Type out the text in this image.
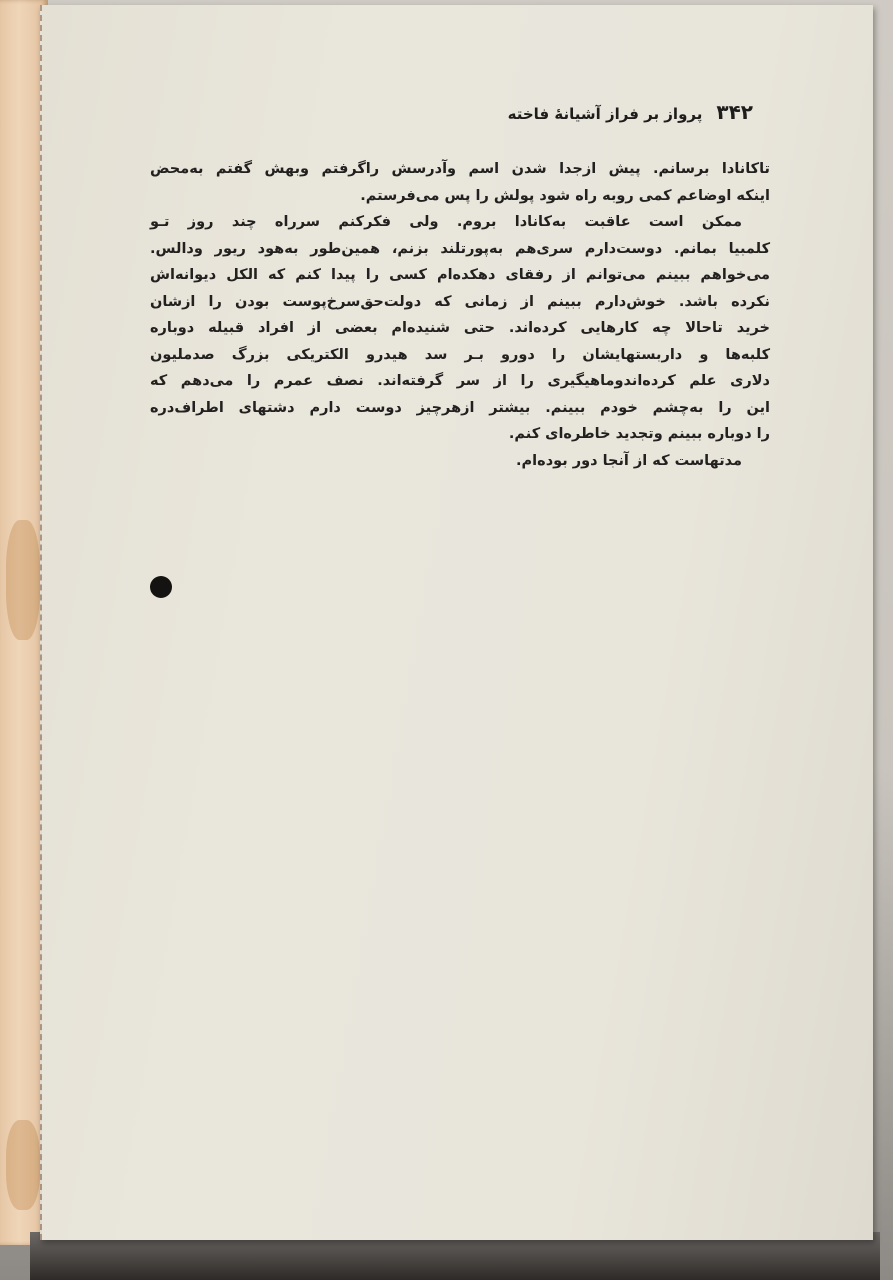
۳۴۲
پرواز بر فراز آشیانهٔ فاخته
تاکانادا برسانم. پیش ازجدا شدن اسم وآدرسش راگرفتم وبهش گفتم به‌محض
اینکه اوضاعم کمی روبه راه شود پولش را پس می‌فرستم.
ممکن است عاقبت به‌کانادا بروم. ولی فکرکنم سرراه چند روز تـو
کلمبیا بمانم. دوست‌دارم سری‌هم به‌پورتلند بزنم، همین‌طور به‌هود ریور ودالس.
می‌خواهم ببینم می‌توانم از رفقای دهکده‌ام کسی را پیدا کنم که الکل دیوانه‌اش
نکرده باشد. خوش‌دارم ببینم از زمانی که دولت‌حق‌سرخ‌پوست بودن را ازشان
خرید تاحالا چه کارهایی کرده‌اند. حتی شنیده‌ام بعضی از افراد قبیله دوباره
کلبه‌ها و داربستهایشان را دورو بـر سد هیدرو الکتریکی بزرگ صدملیون
دلاری علم کرده‌اندوماهیگیری را از سر گرفته‌اند. نصف عمرم را می‌دهم که
این را به‌چشم خودم ببینم. بیشتر ازهرچیز دوست دارم دشتهای اطراف‌دره
را دوباره ببینم وتجدید خاطره‌ای کنم.
مدتهاست که از آنجا دور بوده‌ام.
